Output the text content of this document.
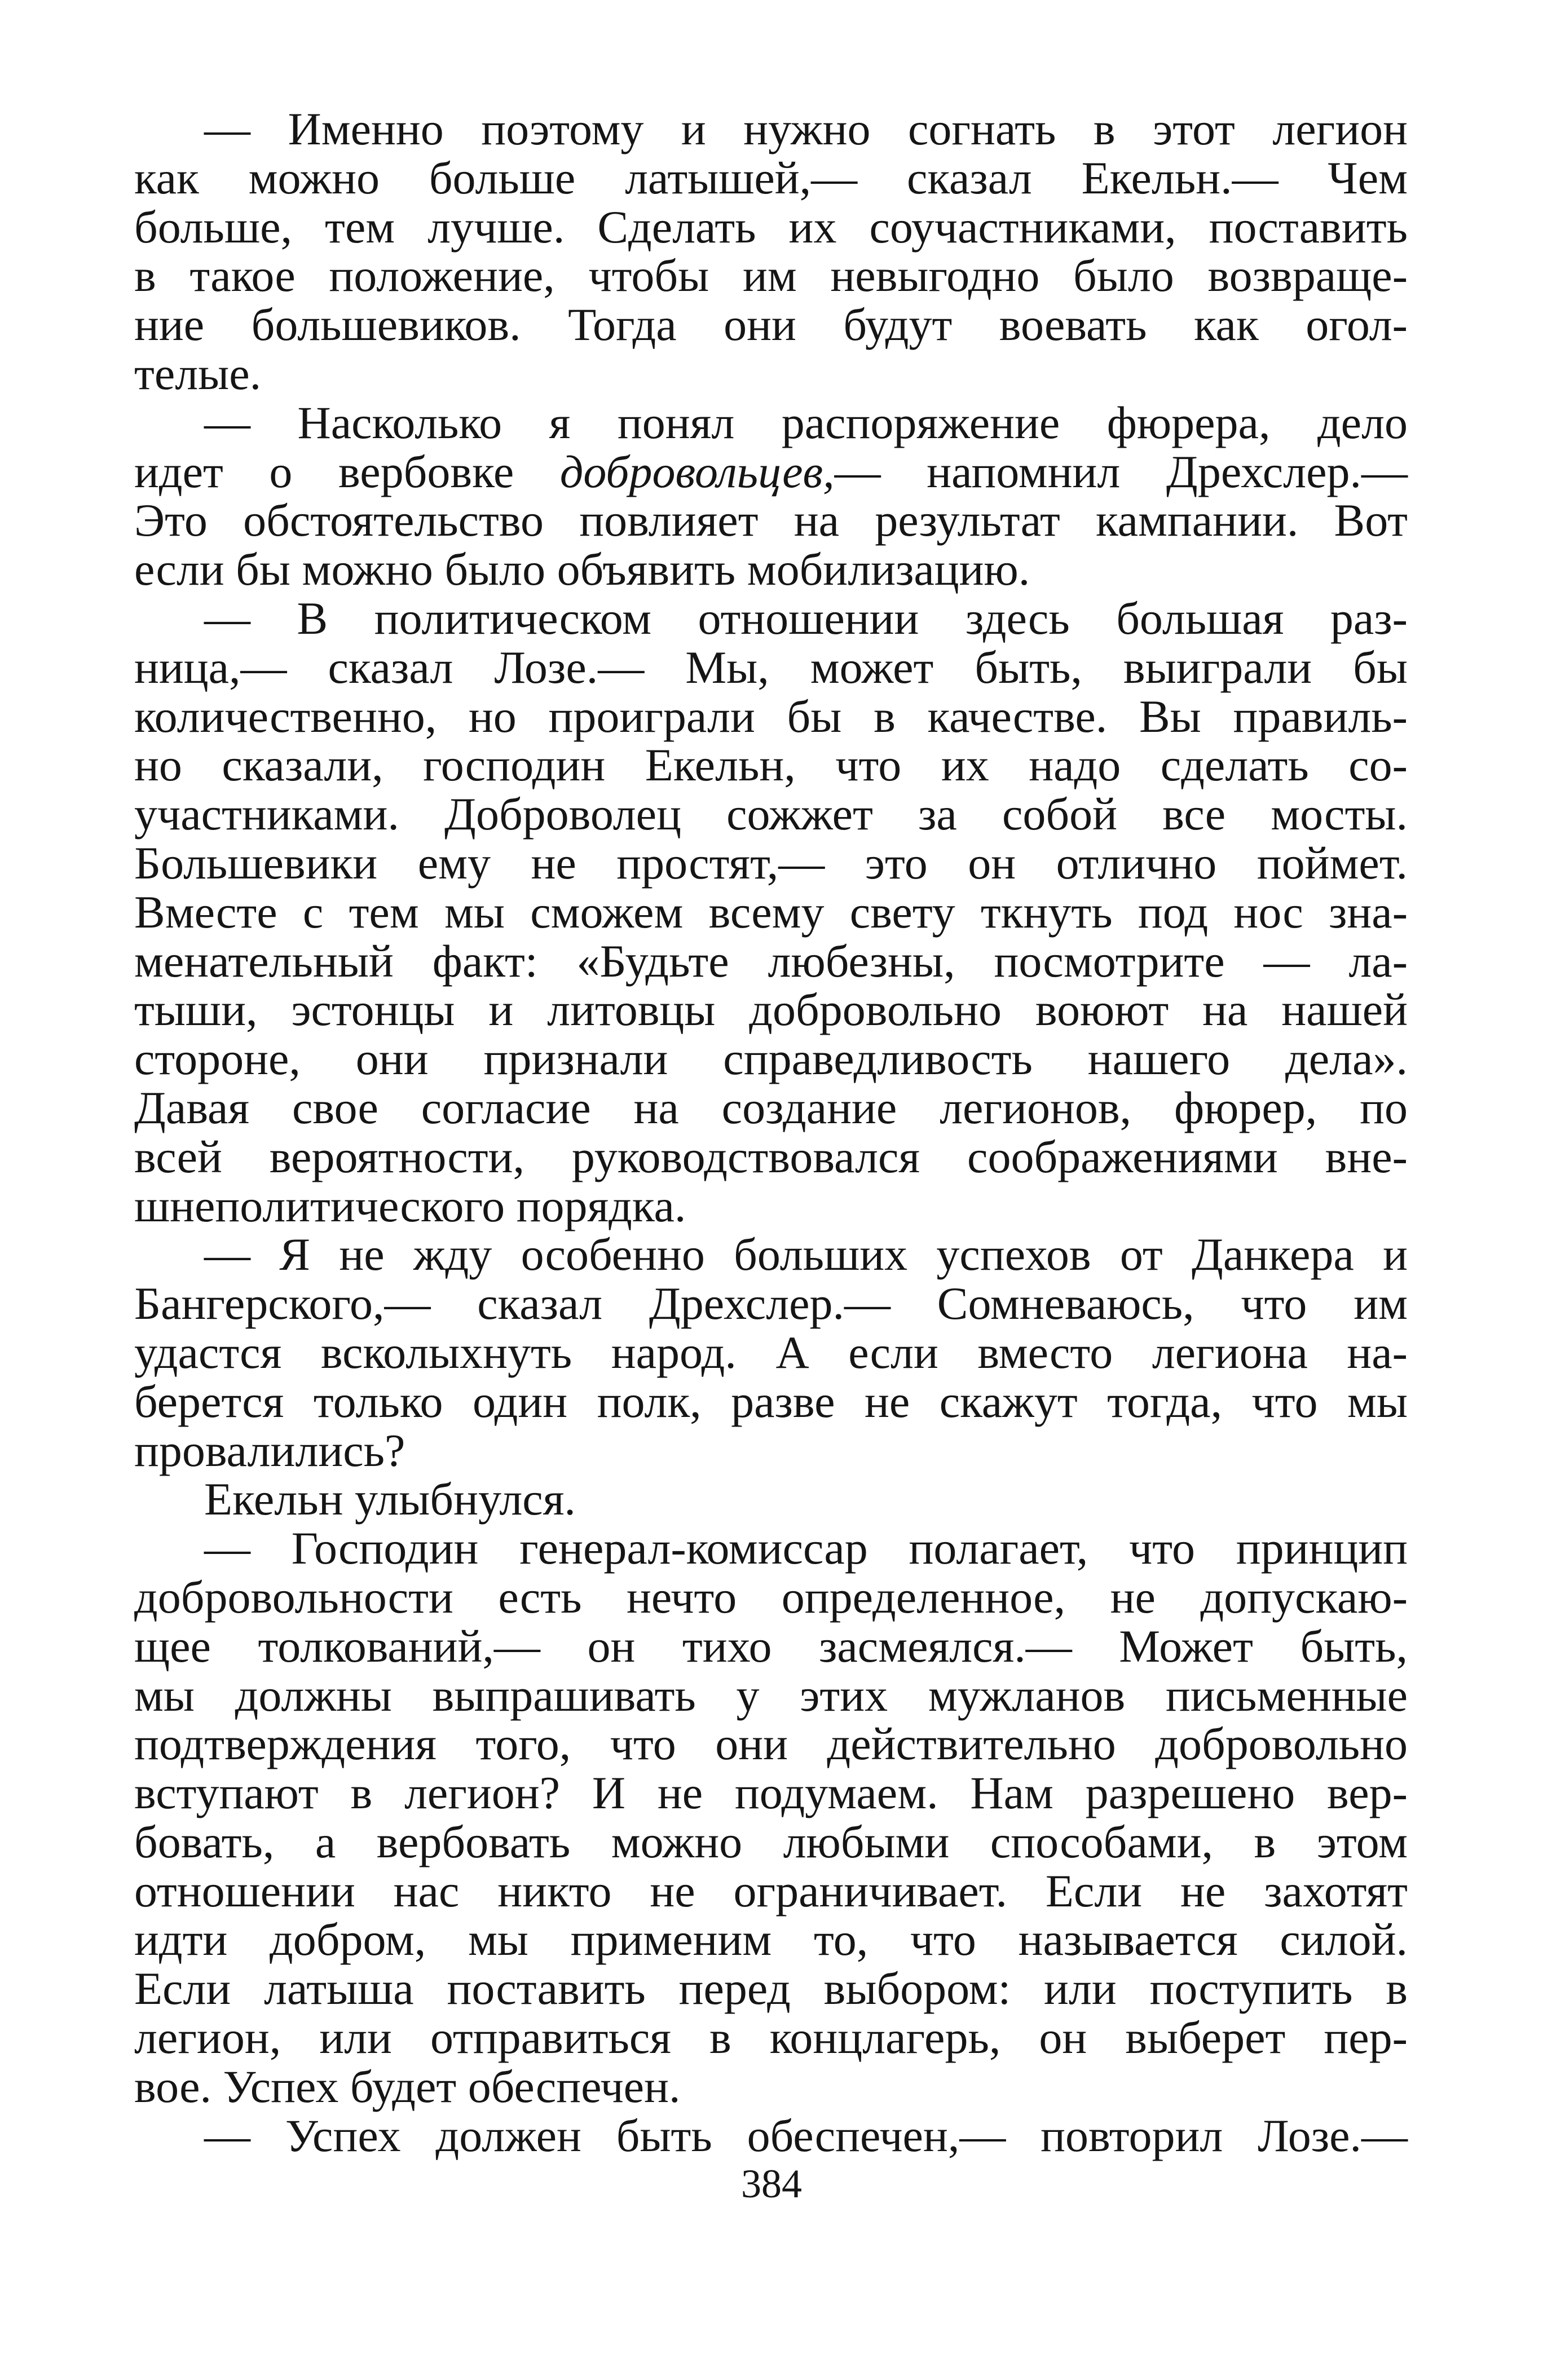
— Именно поэтому и нужно согнать в этот легион
как можно больше латышей,— сказал Екельн.— Чем
больше, тем лучше. Сделать их соучастниками, поставить
в такое положение, чтобы им невыгодно было возвраще-
ние большевиков. Тогда они будут воевать как огол-
телые.
— Насколько я понял распоряжение фюрера, дело
идет о вербовке добровольцев,— напомнил Дрехслер.—
Это обстоятельство повлияет на результат кампании. Вот
если бы можно было объявить мобилизацию.
— В политическом отношении здесь большая раз-
ница,— сказал Лозе.— Мы, может быть, выиграли бы
количественно, но проиграли бы в качестве. Вы правиль-
но сказали, господин Екельн, что их надо сделать со-
участниками. Доброволец сожжет за собой все мосты.
Большевики ему не простят,— это он отлично поймет.
Вместе с тем мы сможем всему свету ткнуть под нос зна-
менательный факт: «Будьте любезны, посмотрите — ла-
тыши, эстонцы и литовцы добровольно воюют на нашей
стороне, они признали справедливость нашего дела».
Давая свое согласие на создание легионов, фюрер, по
всей вероятности, руководствовался соображениями вне-
шнеполитического порядка.
— Я не жду особенно больших успехов от Данкера и
Бангерского,— сказал Дрехслер.— Сомневаюсь, что им
удастся всколыхнуть народ. А если вместо легиона на-
берется только один полк, разве не скажут тогда, что мы
провалились?
Екельн улыбнулся.
— Господин генерал-комиссар полагает, что принцип
добровольности есть нечто определенное, не допускаю-
щее толкований,— он тихо засмеялся.— Может быть,
мы должны выпрашивать у этих мужланов письменные
подтверждения того, что они действительно добровольно
вступают в легион? И не подумаем. Нам разрешено вер-
бовать, а вербовать можно любыми способами, в этом
отношении нас никто не ограничивает. Если не захотят
идти добром, мы применим то, что называется силой.
Если латыша поставить перед выбором: или поступить в
легион, или отправиться в концлагерь, он выберет пер-
вое. Успех будет обеспечен.
— Успех должен быть обеспечен,— повторил Лозе.—
384
